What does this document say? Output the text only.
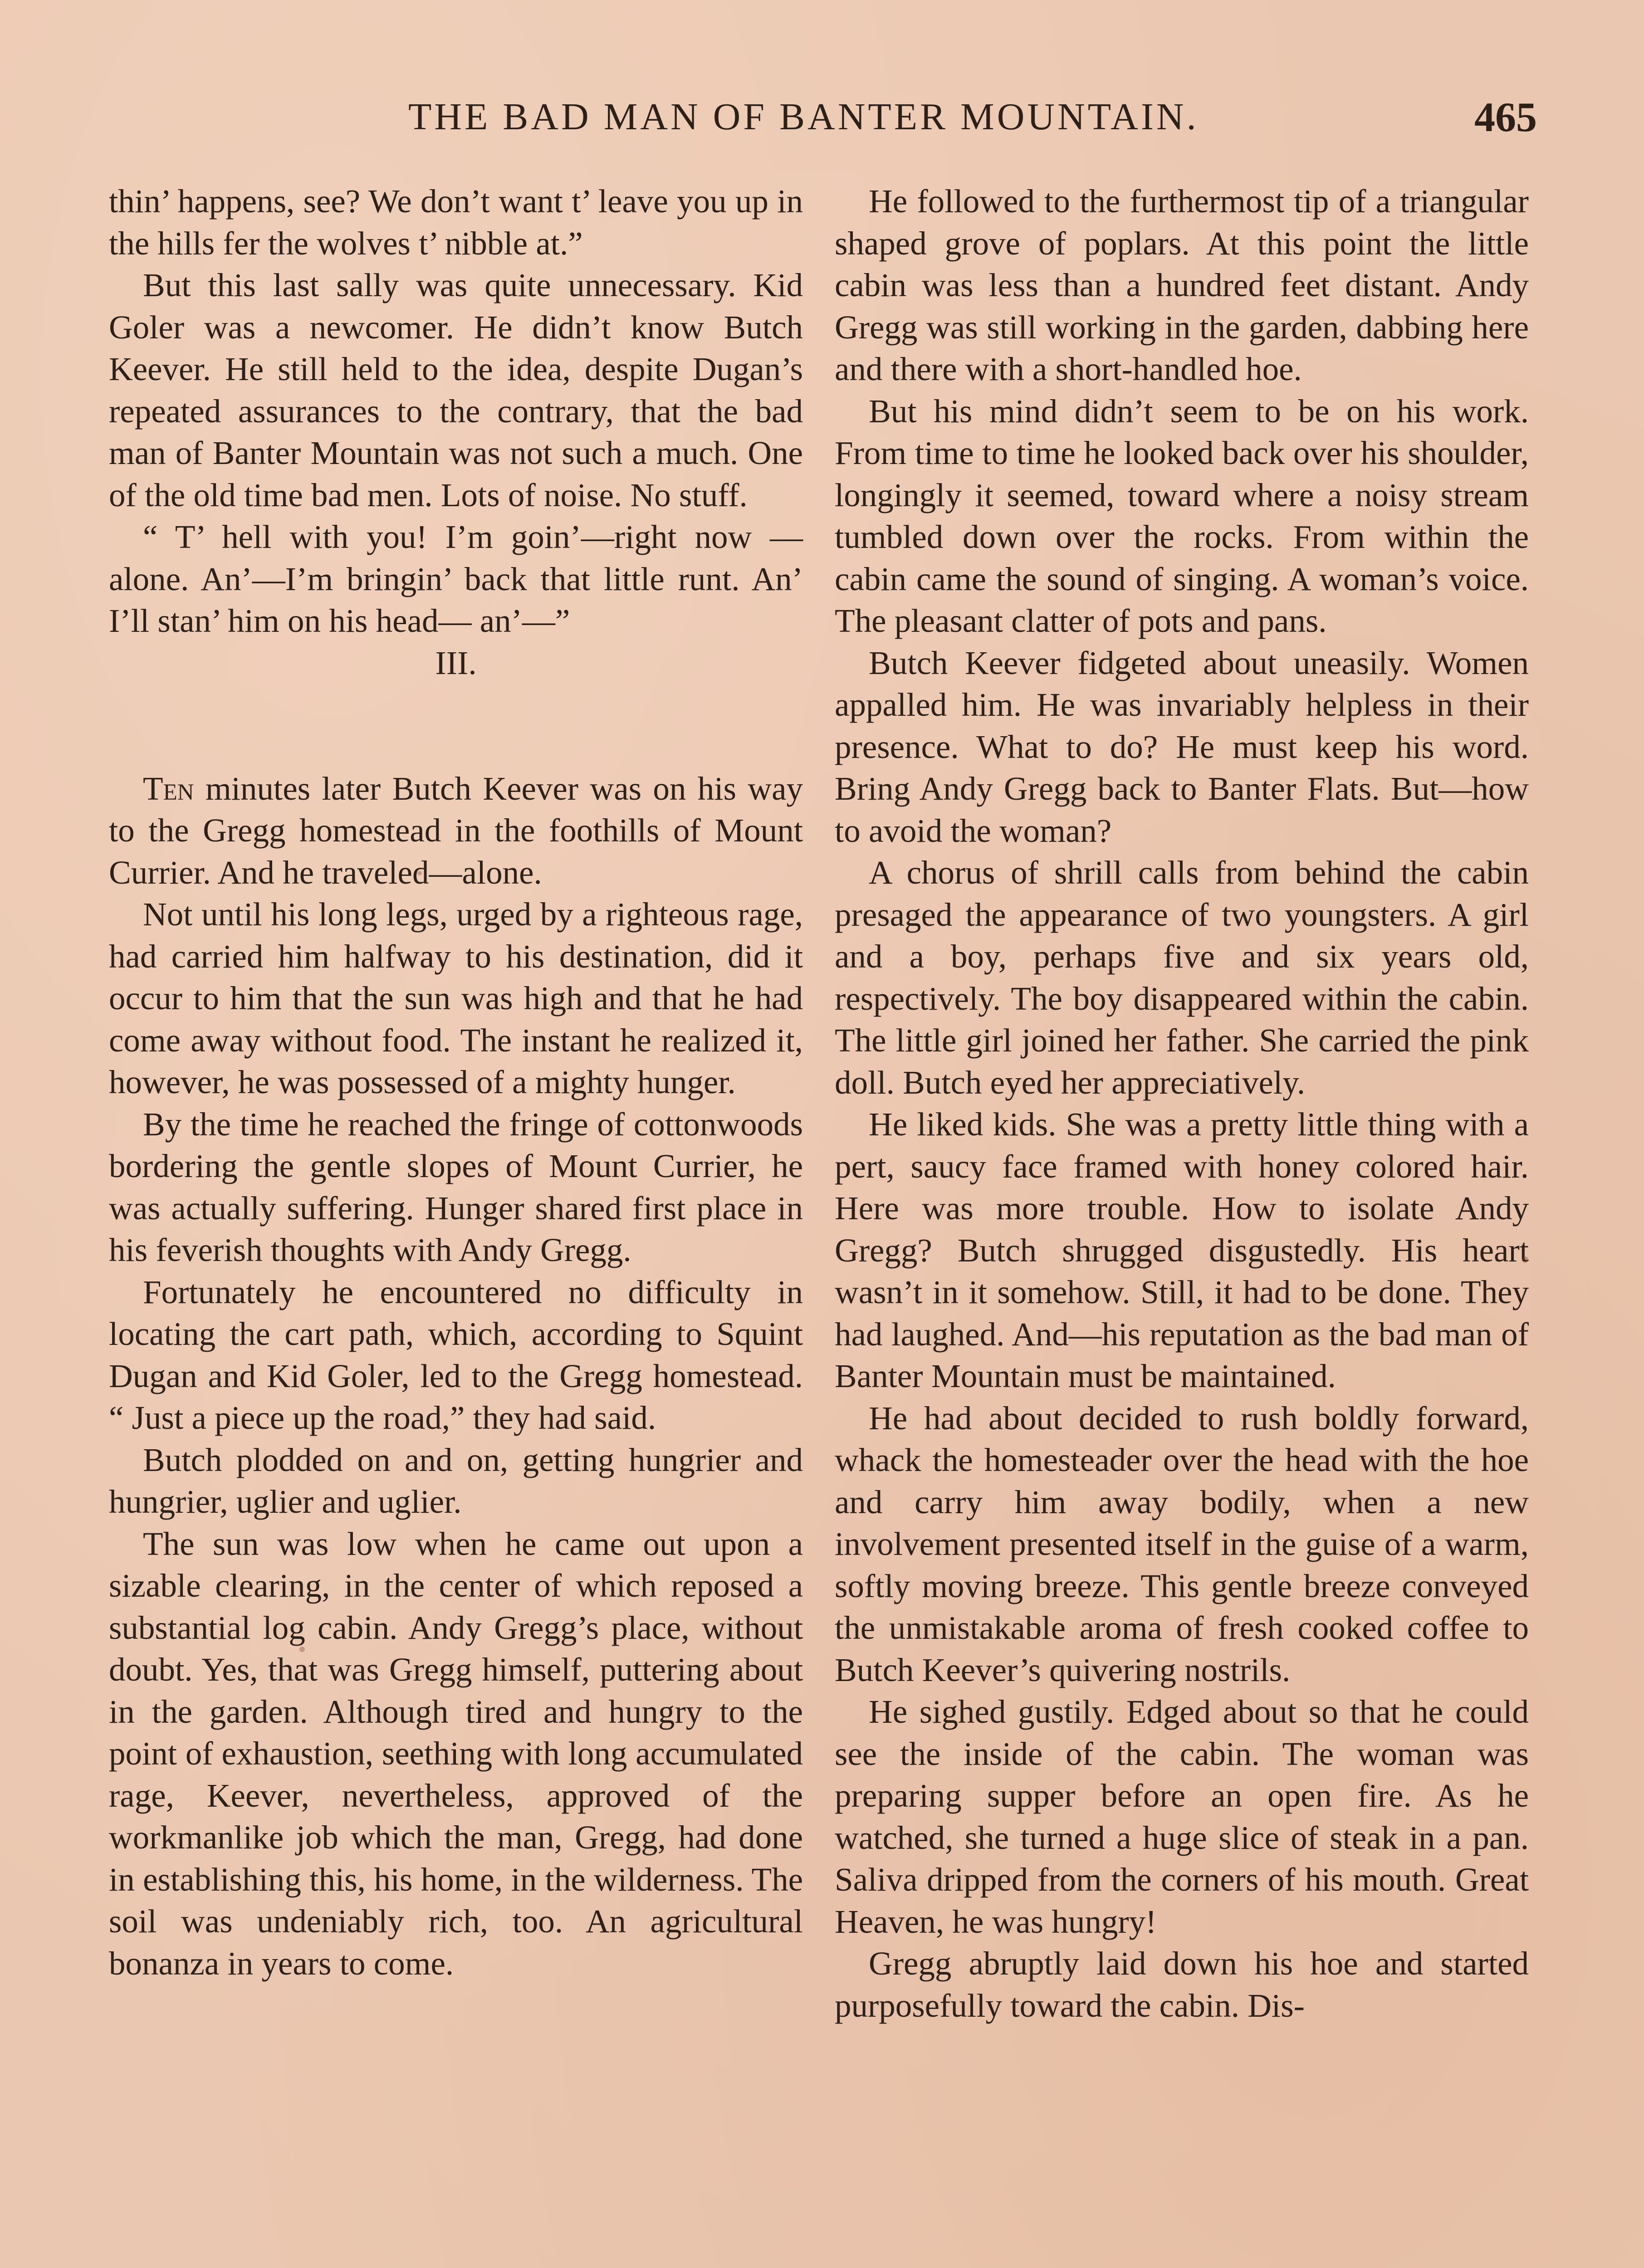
THE BAD MAN OF BANTER MOUNTAIN.	465

thin’ happens, see? We don’t want t’ leave you up in the hills fer the wolves t’ nibble at.”

But this last sally was quite unnecessary. Kid Goler was a newcomer. He didn’t know Butch Keever. He still held to the idea, despite Dugan’s repeated assurances to the contrary, that the bad man of Banter Mountain was not such a much. One of the old time bad men. Lots of noise. No stuff.

“ T’ hell with you! I’m goin’—right now —alone. An’—I’m bringin’ back that little runt. An’ I’ll stan’ him on his head— an’—”

III.

Ten minutes later Butch Keever was on his way to the Gregg homestead in the foothills of Mount Currier. And he traveled—alone.

Not until his long legs, urged by a righteous rage, had carried him halfway to his destination, did it occur to him that the sun was high and that he had come away without food. The instant he realized it, however, he was possessed of a mighty hunger.

By the time he reached the fringe of cottonwoods bordering the gentle slopes of Mount Currier, he was actually suffering. Hunger shared first place in his feverish thoughts with Andy Gregg.

Fortunately he encountered no difficulty in locating the cart path, which, according to Squint Dugan and Kid Goler, led to the Gregg homestead. “ Just a piece up the road,” they had said.

Butch plodded on and on, getting hungrier and hungrier, uglier and uglier.

The sun was low when he came out upon a sizable clearing, in the center of which reposed a substantial log cabin. Andy Gregg’s place, without doubt. Yes, that was Gregg himself, puttering about in the garden. Although tired and hungry to the point of exhaustion, seething with long accumulated rage, Keever, nevertheless, approved of the workmanlike job which the man, Gregg, had done in establishing this, his home, in the wilderness. The soil was undeniably rich, too. An agricultural bonanza in years to come.

He followed to the furthermost tip of a triangular shaped grove of poplars. At this point the little cabin was less than a hundred feet distant. Andy Gregg was still working in the garden, dabbing here and there with a short-handled hoe.

But his mind didn’t seem to be on his work. From time to time he looked back over his shoulder, longingly it seemed, toward where a noisy stream tumbled down over the rocks. From within the cabin came the sound of singing. A woman’s voice. The pleasant clatter of pots and pans.

Butch Keever fidgeted about uneasily. Women appalled him. He was invariably helpless in their presence. What to do? He must keep his word. Bring Andy Gregg back to Banter Flats. But—how to avoid the woman?

A chorus of shrill calls from behind the cabin presaged the appearance of two youngsters. A girl and a boy, perhaps five and six years old, respectively. The boy disappeared within the cabin. The little girl joined her father. She carried the pink doll. Butch eyed her appreciatively.

He liked kids. She was a pretty little thing with a pert, saucy face framed with honey colored hair. Here was more trouble. How to isolate Andy Gregg? Butch shrugged disgustedly. His heart wasn’t in it somehow. Still, it had to be done. They had laughed. And—his reputation as the bad man of Banter Mountain must be maintained.

He had about decided to rush boldly forward, whack the homesteader over the head with the hoe and carry him away bodily, when a new involvement presented itself in the guise of a warm, softly moving breeze. This gentle breeze conveyed the unmistakable aroma of fresh cooked coffee to Butch Keever’s quivering nostrils.

He sighed gustily. Edged about so that he could see the inside of the cabin. The woman was preparing supper before an open fire. As he watched, she turned a huge slice of steak in a pan. Saliva dripped from the corners of his mouth. Great Heaven, he was hungry!

Gregg abruptly laid down his hoe and started purposefully toward the cabin. Dis-
